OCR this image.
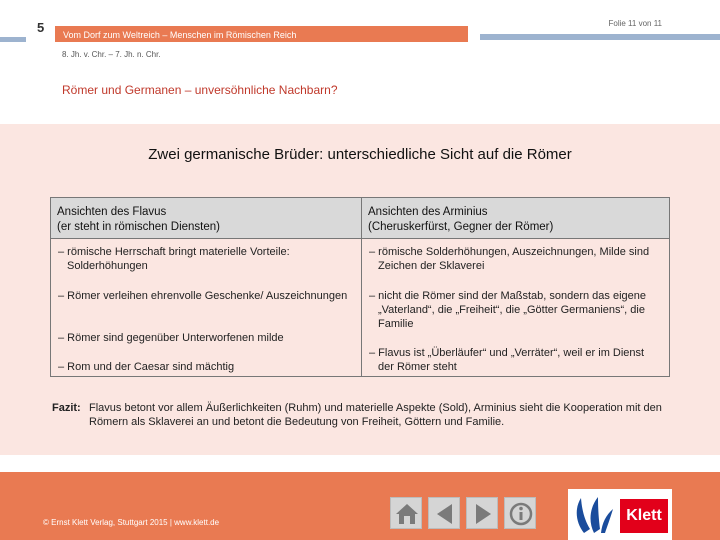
5	Folie 11 von 11
Vom Dorf zum Weltreich – Menschen im Römischen Reich
8. Jh. v. Chr. – 7. Jh. n. Chr.
Römer und Germanen – unversöhnliche Nachbarn?
Zwei germanische Brüder: unterschiedliche Sicht auf die Römer

Ansichten des Flavus

(er steht in römischen Diensten)

– römische Herrschaft bringt materielle Vorteile: Solderhöhungen
– Römer verleihen ehrenvolle Geschenke/ Auszeichnungen
– Römer sind gegenüber Unterworfenen milde
– Rom und der Caesar sind mächtig

Ansichten des Arminius

(Cheruskerfürst, Gegner der Römer)

– römische Solderhöhungen, Auszeichnungen, Milde sind Zeichen der Sklaverei
– nicht die Römer sind der Maßstab, sondern das eigene „Vaterland“, die „Freiheit“, die „Götter Germaniens“, die Familie
– Flavus ist „Überläufer“ und „Verräter“, weil er im Dienst der Römer steht
Fazit: Flavus betont vor allem Äußerlichkeiten (Ruhm) und materielle Aspekte (Sold), Arminius sieht die Kooperation mit den Römern als Sklaverei an und betont die Bedeutung von Freiheit, Göttern und Familie.
© Ernst Klett Verlag, Stuttgart 2015 | www.klett.de	Klett
